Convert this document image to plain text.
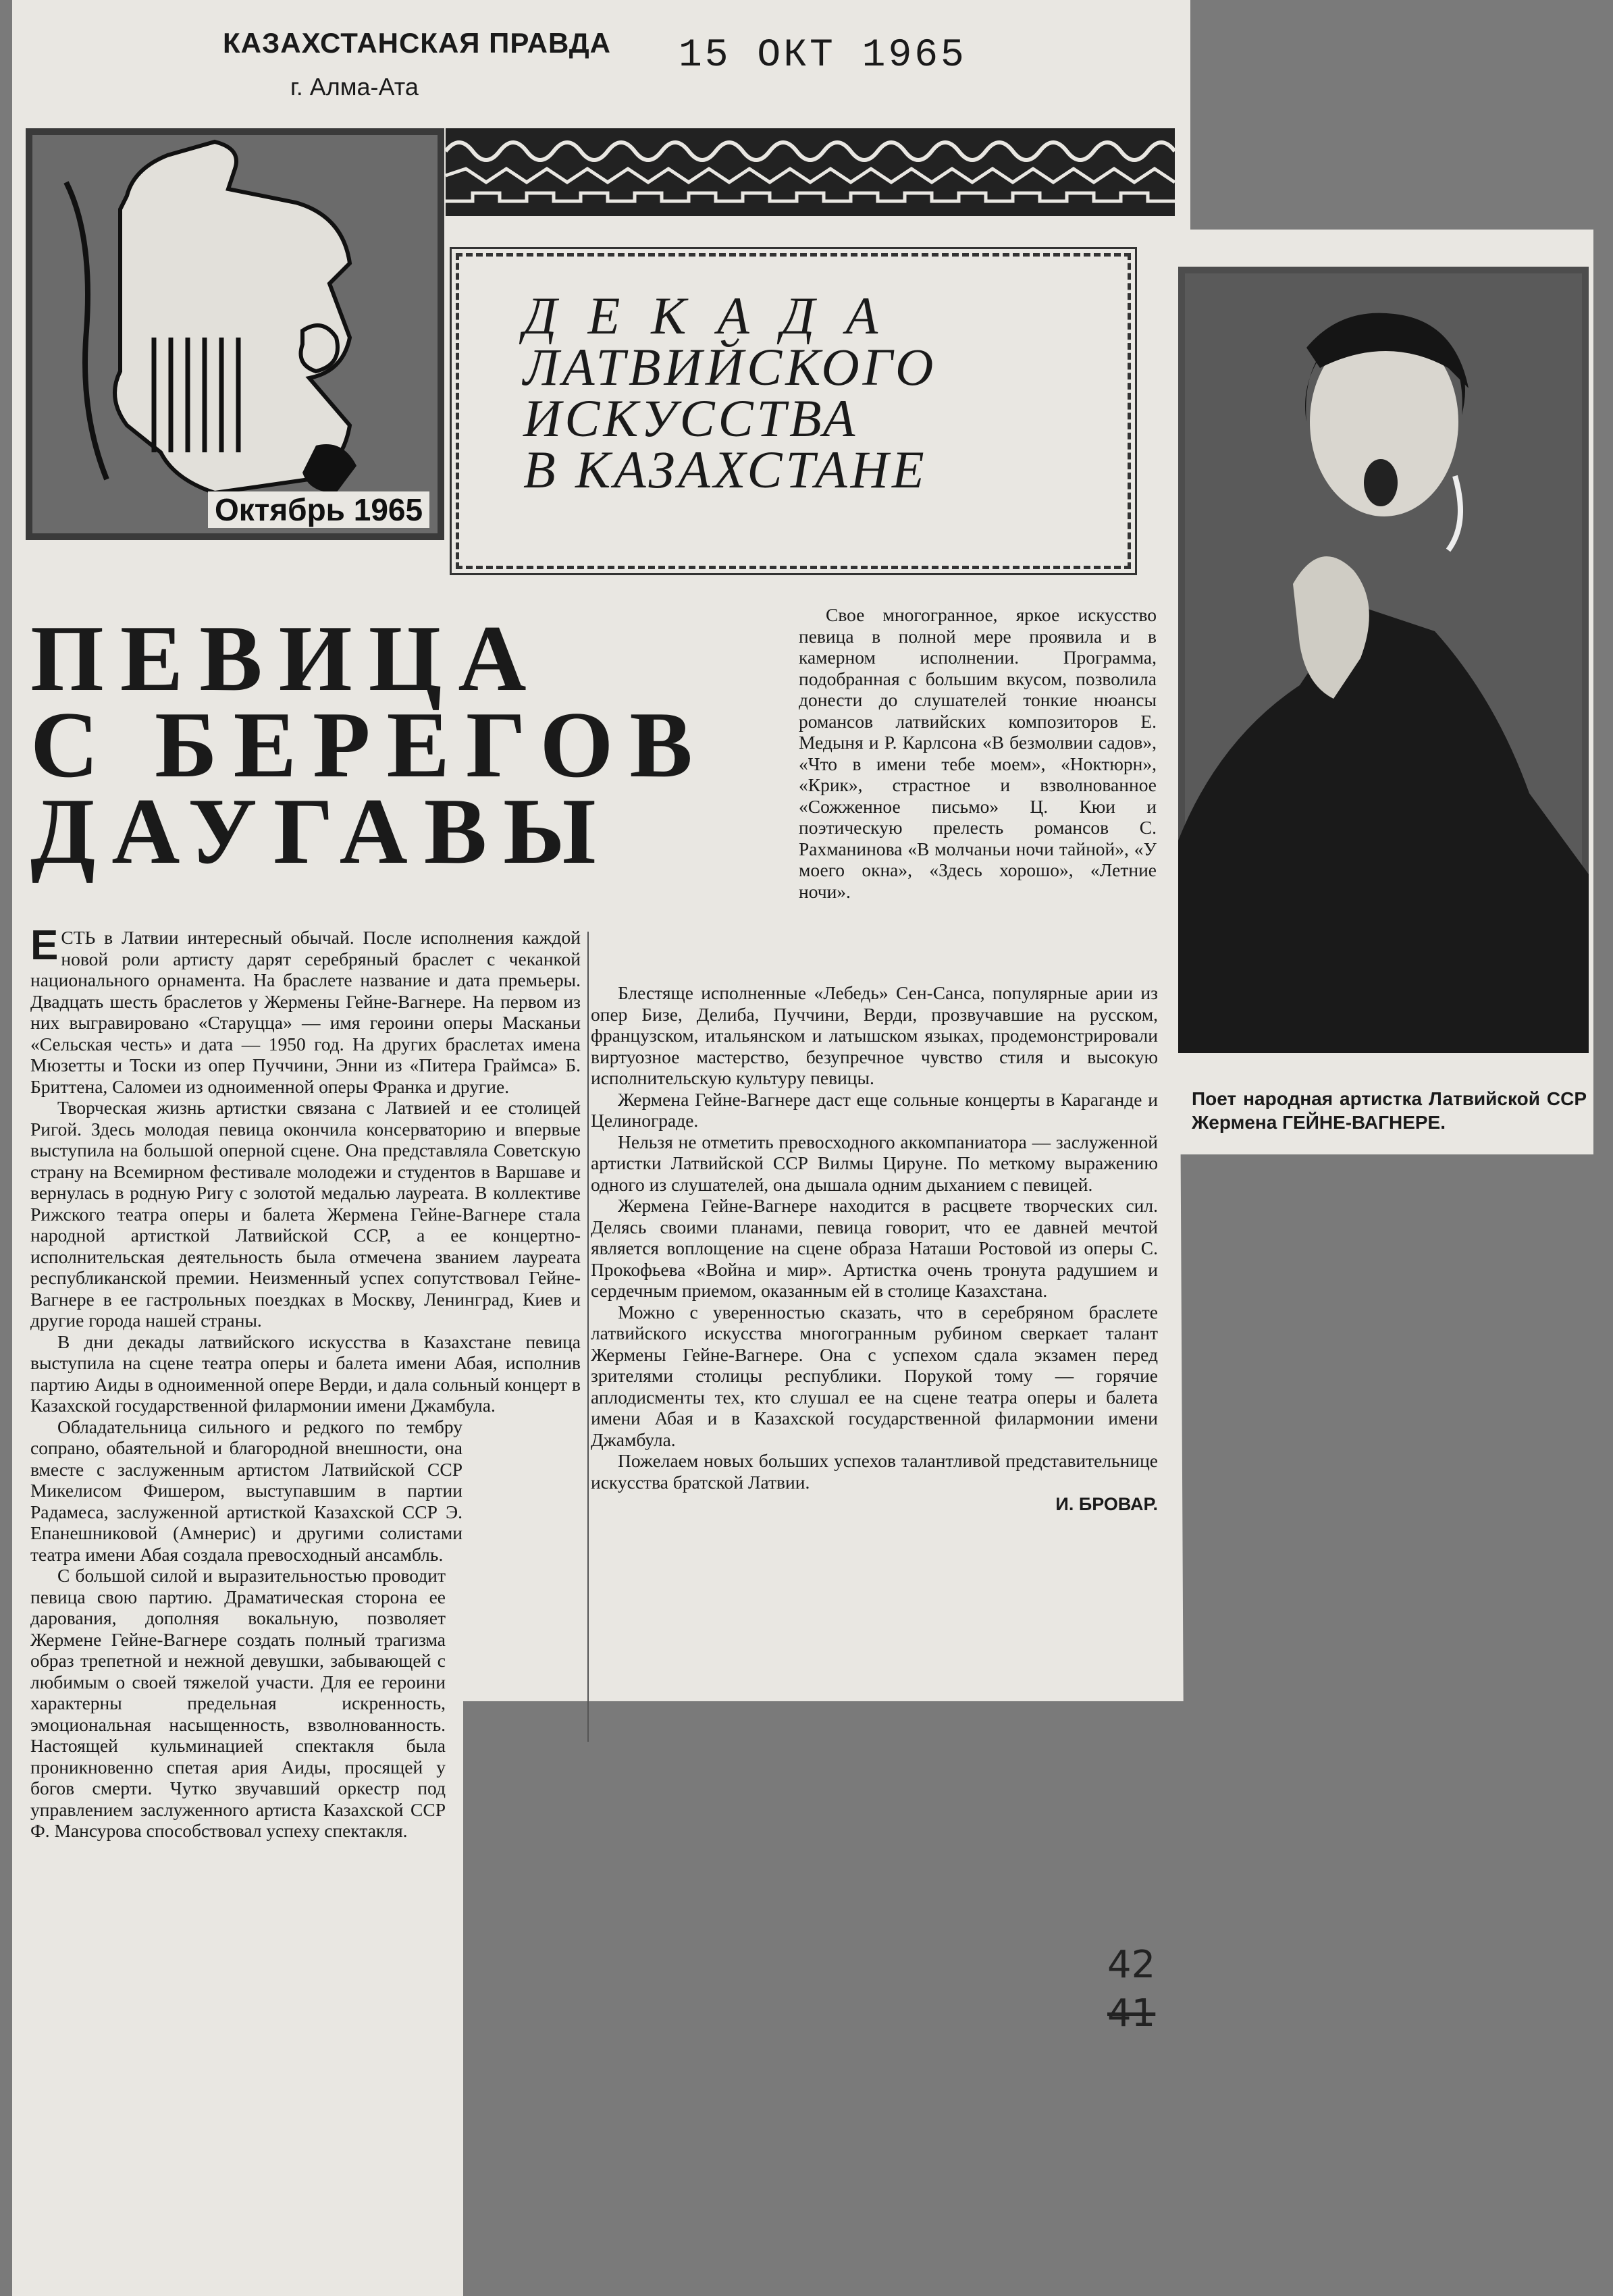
КАЗАХСТАНСКАЯ ПРАВДА
г. Алма-Ата
15 ОКТ 1965
Октябрь 1965
ДЕКАДА
ЛАТВИЙСКОГО
ИСКУССТВА
В КАЗАХСТАНЕ
ПЕВИЦА
С БЕРЕГОВ
ДАУГАВЫ

ЕСТЬ в Латвии интересный обычай. После исполнения каждой новой роли артисту дарят серебряный браслет с чеканкой национального орнамента. На браслете название и дата премьеры. Двадцать шесть браслетов у Жермены Гейне-Вагнере. На первом из них выгравировано «Старуцца» — имя героини оперы Масканьи «Сельская честь» и дата — 1950 год. На других браслетах имена Мюзетты и Тоски из опер Пуччини, Энни из «Питера Граймса» Б. Бриттена, Саломеи из одноименной оперы Франка и другие.

Творческая жизнь артистки связана с Латвией и ее столицей Ригой. Здесь молодая певица окончила консерваторию и впервые выступила на большой оперной сцене. Она представляла Советскую страну на Всемирном фестивале молодежи и студентов в Варшаве и вернулась в родную Ригу с золотой медалью лауреата. В коллективе Рижского театра оперы и балета Жермена Гейне-Вагнере стала народной артисткой Латвийской ССР, а ее концертно-исполнительская деятельность была отмечена званием лауреата республиканской премии. Неизменный успех сопутствовал Гейне-Вагнере в ее гастрольных поездках в Москву, Ленинград, Киев и другие города нашей страны.

В дни декады латвийского искусства в Казахстане певица выступила на сцене театра оперы и балета имени Абая, исполнив партию Аиды в одноименной опере Верди, и дала сольный концерт в Казахской государственной филармонии имени Джамбула.

Обладательница сильного и редкого по тембру сопрано, обаятельной и благородной внешности, она вместе с заслуженным артистом Латвийской ССР Микелисом Фишером, выступавшим в партии Радамеса, заслуженной артисткой Казахской ССР Э. Епанешниковой (Амнерис) и другими солистами театра имени Абая создала превосходный ансамбль.

С большой силой и выразительностью проводит певица свою партию. Драматическая сторона ее дарования, дополняя вокальную, позволяет Жермене Гейне-Вагнере создать полный трагизма образ трепетной и нежной девушки, забывающей с любимым о своей тяжелой участи. Для ее героини характерны предельная искренность, эмоциональная насыщенность, взволнованность. Настоящей кульминацией спектакля была проникновенно спетая ария Аиды, просящей у богов смерти. Чутко звучавший оркестр под управлением заслуженного артиста Казахской ССР Ф. Мансурова способствовал успеху спектакля.

Свое многогранное, яркое искусство певица в полной мере проявила и в камерном исполнении. Программа, подобранная с большим вкусом, позволила донести до слушателей тонкие нюансы романсов латвийских композиторов Е. Медыня и Р. Карлсона «В безмолвии садов», «Что в имени тебе моем», «Ноктюрн», «Крик», страстное и взволнованное «Сожженное письмо» Ц. Кюи и поэтическую прелесть романсов С. Рахманинова «В молчаньи ночи тайной», «У моего окна», «Здесь хорошо», «Летние ночи».

Блестяще исполненные «Лебедь» Сен-Санса, популярные арии из опер Бизе, Делиба, Пуччини, Верди, прозвучавшие на русском, французском, итальянском и латышском языках, продемонстрировали виртуозное мастерство, безупречное чувство стиля и высокую исполнительскую культуру певицы.

Жермена Гейне-Вагнере даст еще сольные концерты в Караганде и Целинограде.

Нельзя не отметить превосходного аккомпаниатора — заслуженной артистки Латвийской ССР Вилмы Цирунe. По меткому выражению одного из слушателей, она дышала одним дыханием с певицей.

Жермена Гейне-Вагнере находится в расцвете творческих сил. Делясь своими планами, певица говорит, что ее давней мечтой является воплощение на сцене образа Наташи Ростовой из оперы С. Прокофьева «Война и мир». Артистка очень тронута радушием и сердечным приемом, оказанным ей в столице Казахстана.

Можно с уверенностью сказать, что в серебряном браслете латвийского искусства многогранным рубином сверкает талант Жермены Гейне-Вагнере. Она с успехом сдала экзамен перед зрителями столицы республики. Порукой тому — горячие аплодисменты тех, кто слушал ее на сцене театра оперы и балета имени Абая и в Казахской государственной филармонии имени Джамбула.

Пожелаем новых больших успехов талантливой представительнице искусства братской Латвии.

И. БРОВАР.
Поет народная артистка Латвийской ССР Жермена ГЕЙНЕ-ВАГНЕРЕ.
42
41
